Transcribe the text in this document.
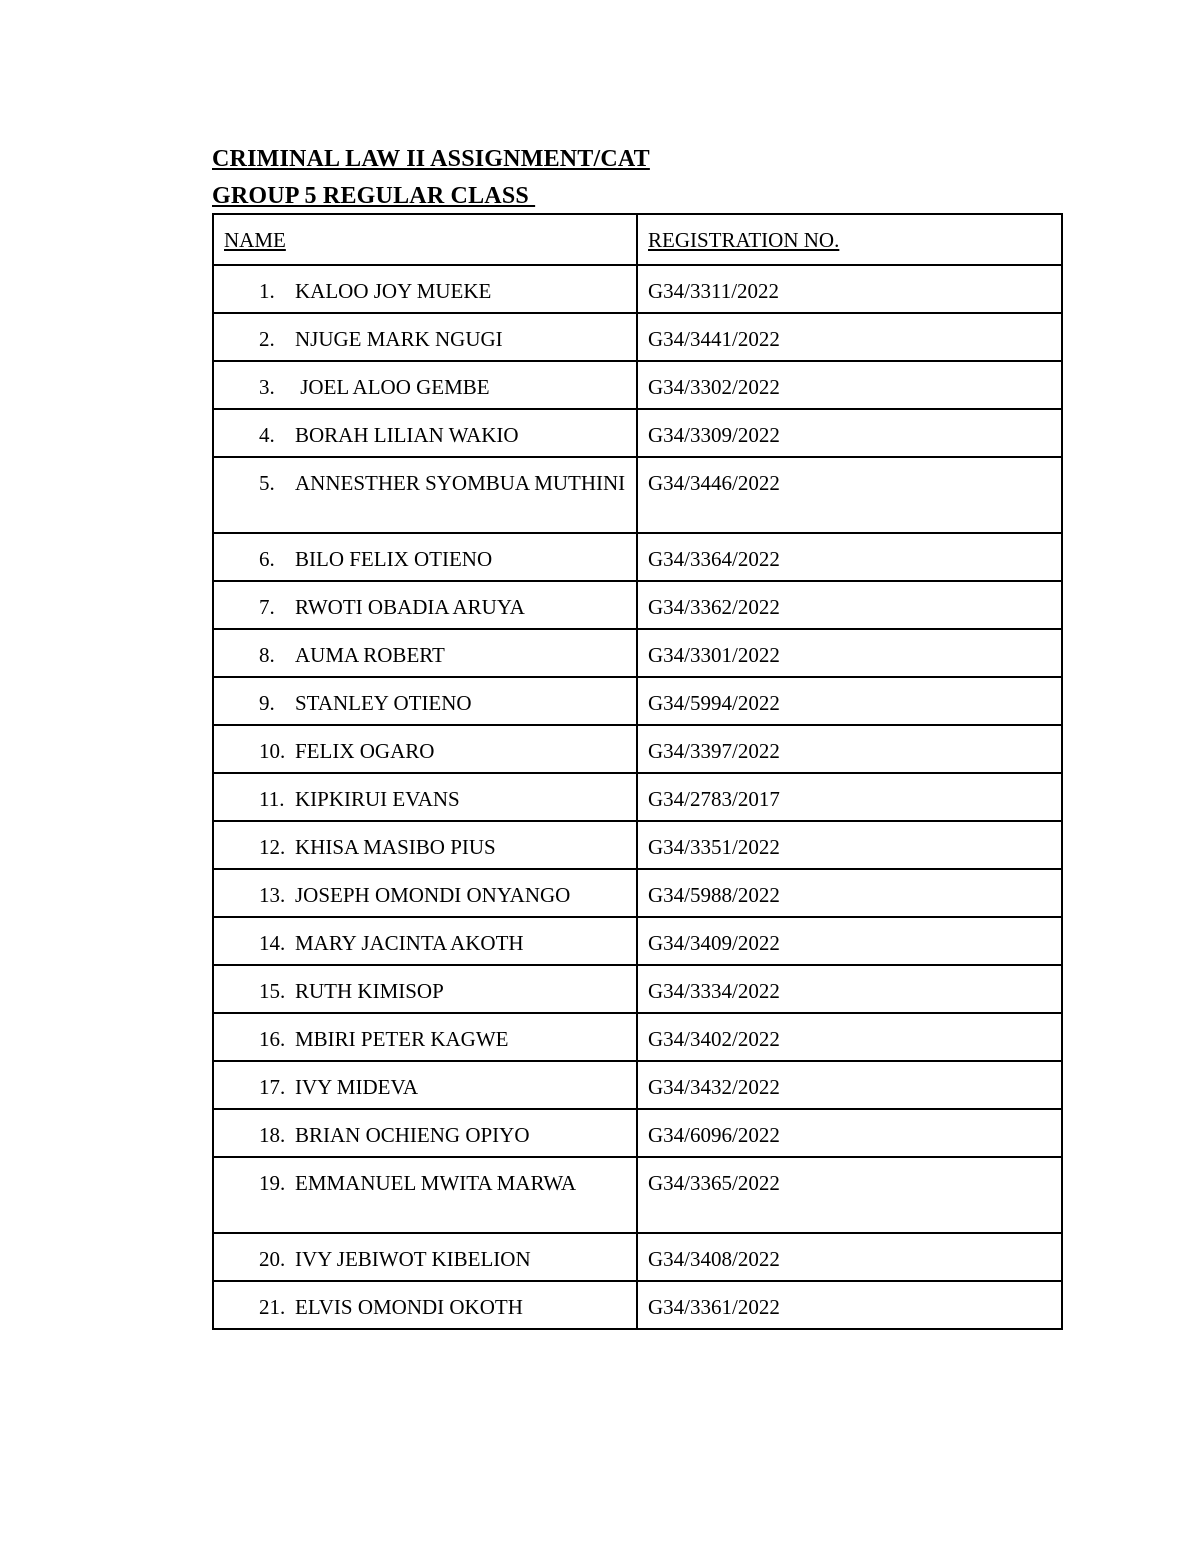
CRIMINAL LAW II ASSIGNMENT/CAT
GROUP 5 REGULAR CLASS
NAME	REGISTRATION NO.

1. KALOO JOY MUEKE	G34/3311/2022

2. NJUGE MARK NGUGI	G34/3441/2022

3. JOEL ALOO GEMBE	G34/3302/2022

4. BORAH LILIAN WAKIO	G34/3309/2022

5. ANNESTHER SYOMBUA MUTHINI	G34/3446/2022

6. BILO FELIX OTIENO	G34/3364/2022

7. RWOTI OBADIA ARUYA	G34/3362/2022

8. AUMA ROBERT	G34/3301/2022

9. STANLEY OTIENO	G34/5994/2022

10. FELIX OGARO	G34/3397/2022

11. KIPKIRUI EVANS	G34/2783/2017

12. KHISA MASIBO PIUS	G34/3351/2022

13. JOSEPH OMONDI ONYANGO	G34/5988/2022

14. MARY JACINTA AKOTH	G34/3409/2022

15. RUTH KIMISOP	G34/3334/2022

16. MBIRI PETER KAGWE	G34/3402/2022

17. IVY MIDEVA	G34/3432/2022

18. BRIAN OCHIENG OPIYO	G34/6096/2022

19. EMMANUEL MWITA MARWA	G34/3365/2022

20. IVY JEBIWOT KIBELION	G34/3408/2022

21. ELVIS OMONDI OKOTH	G34/3361/2022
